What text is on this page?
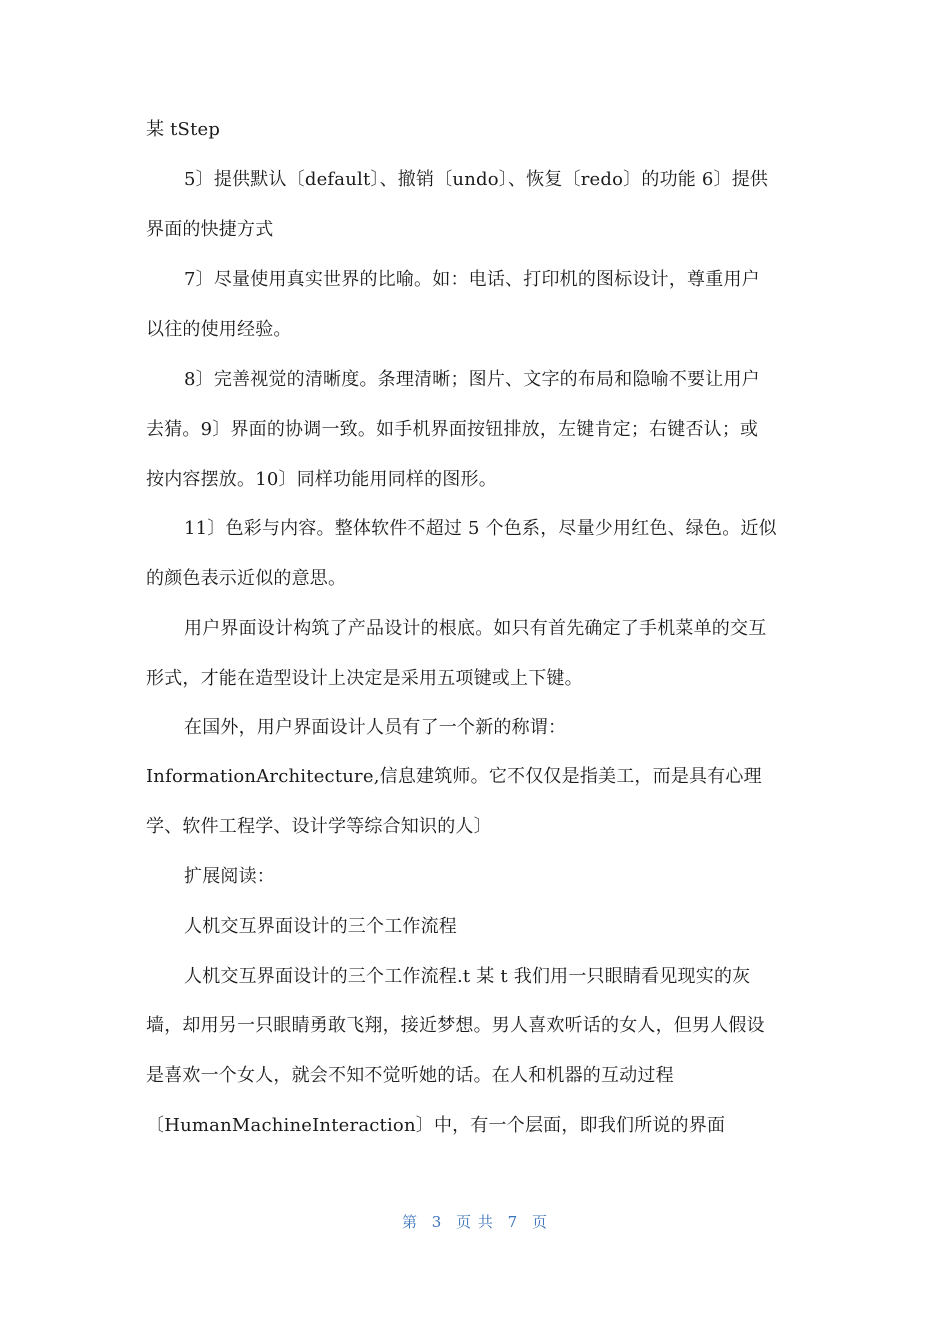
某 tStep
5〕提供默认〔default〕、撤销〔undo〕、恢复〔redo〕的功能 6〕提供
界面的快捷方式
7〕尽量使用真实世界的比喻。如：电话、打印机的图标设计，尊重用户
以往的使用经验。
8〕完善视觉的清晰度。条理清晰；图片、文字的布局和隐喻不要让用户
去猜。9〕界面的协调一致。如手机界面按钮排放，左键肯定；右键否认；或
按内容摆放。10〕同样功能用同样的图形。
11〕色彩与内容。整体软件不超过 5 个色系，尽量少用红色、绿色。近似
的颜色表示近似的意思。
用户界面设计构筑了产品设计的根底。如只有首先确定了手机菜单的交互
形式，才能在造型设计上决定是采用五项键或上下键。
在国外，用户界面设计人员有了一个新的称谓：
InformationArchitecture,信息建筑师。它不仅仅是指美工，而是具有心理
学、软件工程学、设计学等综合知识的人〕
扩展阅读：
人机交互界面设计的三个工作流程
人机交互界面设计的三个工作流程.t 某 t 我们用一只眼睛看见现实的灰
墙，却用另一只眼睛勇敢飞翔，接近梦想。男人喜欢听话的女人，但男人假设
是喜欢一个女人，就会不知不觉听她的话。在人和机器的互动过程
〔HumanMachineInteraction〕中，有一个层面，即我们所说的界面
第 3 页 共 7 页
